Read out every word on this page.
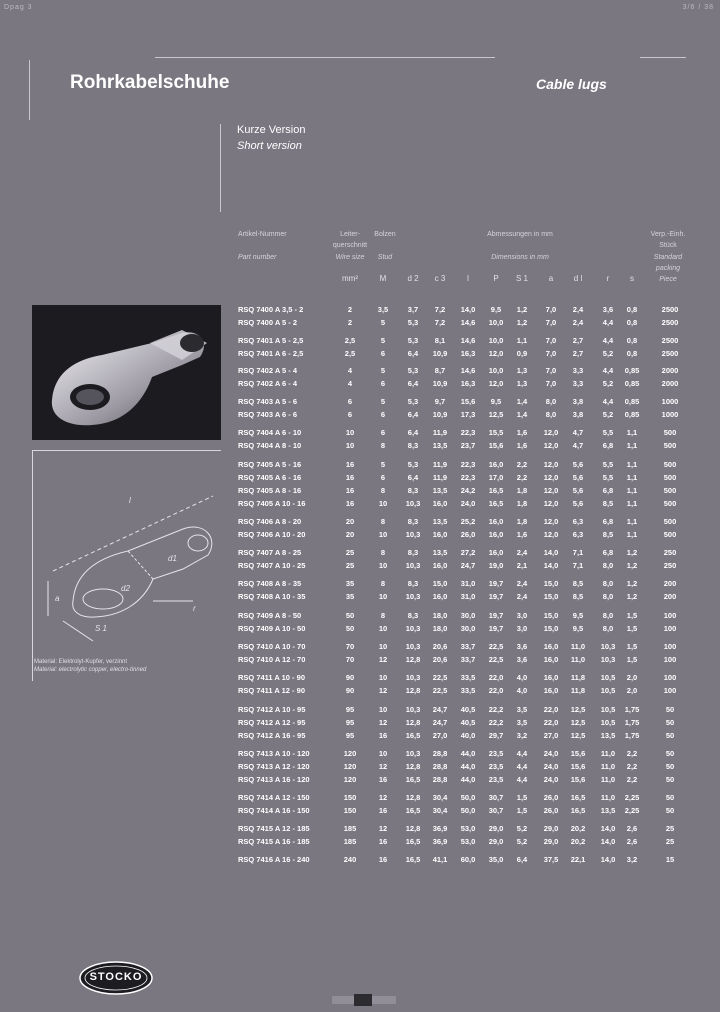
Dpag 3	3/6 / 38
Rohrkabelschuhe	Cable lugs
Kurze Version
Short version
Artikel-Nummer
Part number
Leiter-
querschnitt
Wire size
Bolzen
Stud
Abmessungen in mm
Dimensions in mm
Verp.-Einh.
Stück
Standard
packing
Piece
mm²	M	d 2	c 3	l	P	S 1	a	d l	r	s
RSQ 7400 A 3,5 - 2	2	3,5	3,7	7,2	14,0	9,5	1,2	7,0	2,4	3,6	0,8	2500
RSQ 7400 A 5 - 2	2	5	5,3	7,2	14,6	10,0	1,2	7,0	2,4	4,4	0,8	2500
RSQ 7401 A 5 - 2,5	2,5	5	5,3	8,1	14,6	10,0	1,1	7,0	2,7	4,4	0,8	2500
RSQ 7401 A 6 - 2,5	2,5	6	6,4	10,9	16,3	12,0	0,9	7,0	2,7	5,2	0,8	2500
RSQ 7402 A 5 - 4	4	5	5,3	8,7	14,6	10,0	1,3	7,0	3,3	4,4	0,85	2000
RSQ 7402 A 6 - 4	4	6	6,4	10,9	16,3	12,0	1,3	7,0	3,3	5,2	0,85	2000
RSQ 7403 A 5 - 6	6	5	5,3	9,7	15,6	9,5	1,4	8,0	3,8	4,4	0,85	1000
RSQ 7403 A 6 - 6	6	6	6,4	10,9	17,3	12,5	1,4	8,0	3,8	5,2	0,85	1000
RSQ 7404 A 6 - 10	10	6	6,4	11,9	22,3	15,5	1,6	12,0	4,7	5,5	1,1	500
RSQ 7404 A 8 - 10	10	8	8,3	13,5	23,7	15,6	1,6	12,0	4,7	6,8	1,1	500
RSQ 7405 A 5 - 16	16	5	5,3	11,9	22,3	16,0	2,2	12,0	5,6	5,5	1,1	500
RSQ 7405 A 6 - 16	16	6	6,4	11,9	22,3	17,0	2,2	12,0	5,6	5,5	1,1	500
RSQ 7405 A 8 - 16	16	8	8,3	13,5	24,2	16,5	1,8	12,0	5,6	6,8	1,1	500
RSQ 7405 A 10 - 16	16	10	10,3	16,0	24,0	16,5	1,8	12,0	5,6	8,5	1,1	500
RSQ 7406 A 8 - 20	20	8	8,3	13,5	25,2	16,0	1,8	12,0	6,3	6,8	1,1	500
RSQ 7406 A 10 - 20	20	10	10,3	16,0	26,0	16,0	1,6	12,0	6,3	8,5	1,1	500
RSQ 7407 A 8 - 25	25	8	8,3	13,5	27,2	16,0	2,4	14,0	7,1	6,8	1,2	250
RSQ 7407 A 10 - 25	25	10	10,3	16,0	24,7	19,0	2,1	14,0	7,1	8,0	1,2	250
RSQ 7408 A 8 - 35	35	8	8,3	15,0	31,0	19,7	2,4	15,0	8,5	8,0	1,2	200
RSQ 7408 A 10 - 35	35	10	10,3	16,0	31,0	19,7	2,4	15,0	8,5	8,0	1,2	200
RSQ 7409 A 8 - 50	50	8	8,3	18,0	30,0	19,7	3,0	15,0	9,5	8,0	1,5	100
RSQ 7409 A 10 - 50	50	10	10,3	18,0	30,0	19,7	3,0	15,0	9,5	8,0	1,5	100
RSQ 7410 A 10 - 70	70	10	10,3	20,6	33,7	22,5	3,6	16,0	11,0	10,3	1,5	100
RSQ 7410 A 12 - 70	70	12	12,8	20,6	33,7	22,5	3,6	16,0	11,0	10,3	1,5	100
RSQ 7411 A 10 - 90	90	10	10,3	22,5	33,5	22,0	4,0	16,0	11,8	10,5	2,0	100
RSQ 7411 A 12 - 90	90	12	12,8	22,5	33,5	22,0	4,0	16,0	11,8	10,5	2,0	100
RSQ 7412 A 10 - 95	95	10	10,3	24,7	40,5	22,2	3,5	22,0	12,5	10,5	1,75	50
RSQ 7412 A 12 - 95	95	12	12,8	24,7	40,5	22,2	3,5	22,0	12,5	10,5	1,75	50
RSQ 7412 A 16 - 95	95	16	16,5	27,0	40,0	29,7	3,2	27,0	12,5	13,5	1,75	50
RSQ 7413 A 10 - 120	120	10	10,3	28,8	44,0	23,5	4,4	24,0	15,6	11,0	2,2	50
RSQ 7413 A 12 - 120	120	12	12,8	28,8	44,0	23,5	4,4	24,0	15,6	11,0	2,2	50
RSQ 7413 A 16 - 120	120	16	16,5	28,8	44,0	23,5	4,4	24,0	15,6	11,0	2,2	50
RSQ 7414 A 12 - 150	150	12	12,8	30,4	50,0	30,7	1,5	26,0	16,5	11,0	2,25	50
RSQ 7414 A 16 - 150	150	16	16,5	30,4	50,0	30,7	1,5	26,0	16,5	13,5	2,25	50
RSQ 7415 A 12 - 185	185	12	12,8	36,9	53,0	29,0	5,2	29,0	20,2	14,0	2,6	25
RSQ 7415 A 16 - 185	185	16	16,5	36,9	53,0	29,0	5,2	29,0	20,2	14,0	2,6	25
RSQ 7416 A 16 - 240	240	16	16,5	41,1	60,0	35,0	6,4	37,5	22,1	14,0	3,2	15
l
a
S 1
r
d2
d1
Material: Elektrolyt-Kupfer, verzinnt
Material: electrolytic copper, electro-tinned
STOCKO
